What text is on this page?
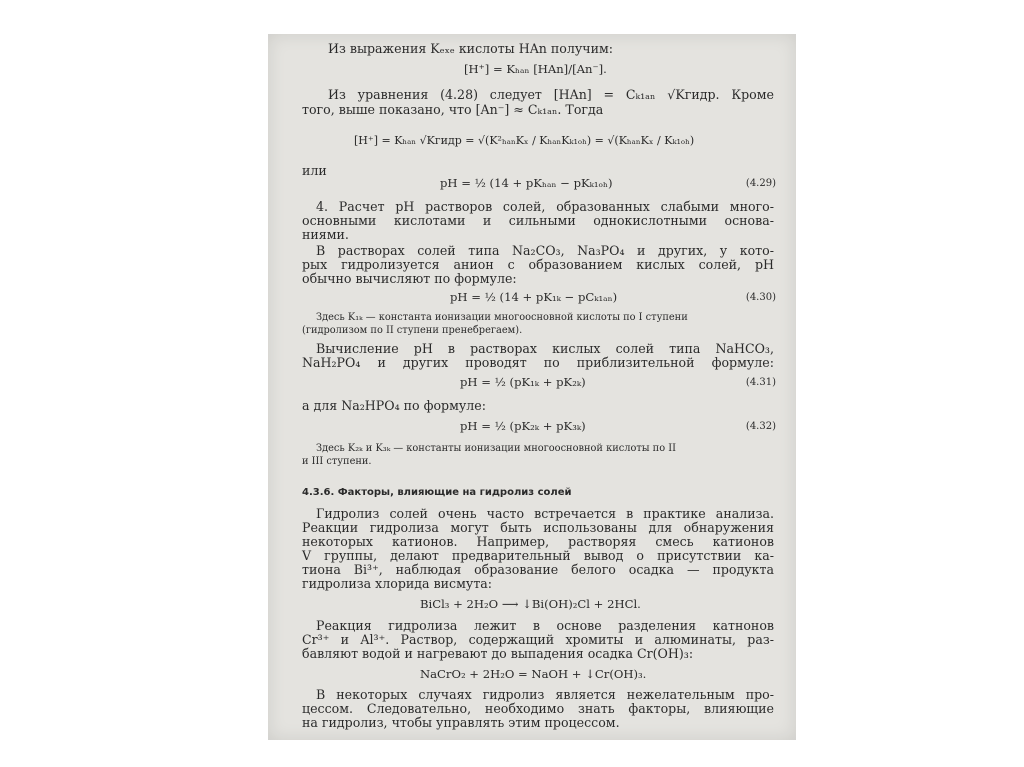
Из выражения Kₑₓₑ кислоты HAn получим:
[H⁺] = Kₕₐₙ [HAn]/[An⁻].
Из уравнения (4.28) следует [HAn] = Cₖ₁ₐₙ √Kгидр. Кроме
того, выше показано, что [An⁻] ≈ Cₖ₁ₐₙ. Тогда
[H⁺] = Kₕₐₙ √Kгидр = √(K²ₕₐₙKₓ / KₕₐₙKₖ₁ₒₕ) = √(KₕₐₙKₓ / Kₖ₁ₒₕ)
или
pH = ½ (14 + pKₕₐₙ − pKₖ₁ₒₕ)	(4.29)
4. Расчет pH растворов солей, образованных слабыми много-
основными кислотами и сильными однокислотными основа-
ниями.
В растворах солей типа Na₂CO₃, Na₃PO₄ и других, у кото-
рых гидролизуется анион с образованием кислых солей, pH
обычно вычисляют по формуле:
pH = ½ (14 + pK₁ₖ − pCₖ₁ₐₙ)	(4.30)
Здесь K₁ₖ — константа ионизации многоосновной кислоты по I ступени
(гидролизом по II ступени пренебрегаем).
Вычисление pH в растворах кислых солей типа NaHCO₃,
NaH₂PO₄ и других проводят по приблизительной формуле:
pH = ½ (pK₁ₖ + pK₂ₖ)	(4.31)
а для Na₂HPO₄ по формуле:
pH = ½ (pK₂ₖ + pK₃ₖ)	(4.32)
Здесь K₂ₖ и K₃ₖ — константы ионизации многоосновной кислоты по II
и III ступени.
4.3.6. Факторы, влияющие на гидролиз солей
Гидролиз солей очень часто встречается в практике анализа.
Реакции гидролиза могут быть использованы для обнаружения
некоторых катионов. Например, растворяя смесь катионов
V группы, делают предварительный вывод о присутствии ка-
тиона Bi³⁺, наблюдая образование белого осадка — продукта
гидролиза хлорида висмута:
BiCl₃ + 2H₂O ⟶ ↓Bi(OH)₂Cl + 2HCl.
Реакция гидролиза лежит в основе разделения катнонов
Cr³⁺ и Al³⁺. Раствор, содержащий хромиты и алюминаты, раз-
бавляют водой и нагревают до выпадения осадка Cr(OH)₃:
NaCrO₂ + 2H₂O = NaOH + ↓Cr(OH)₃.
В некоторых случаях гидролиз является нежелательным про-
цессом. Следовательно, необходимо знать факторы, влияющие
на гидролиз, чтобы управлять этим процессом.
